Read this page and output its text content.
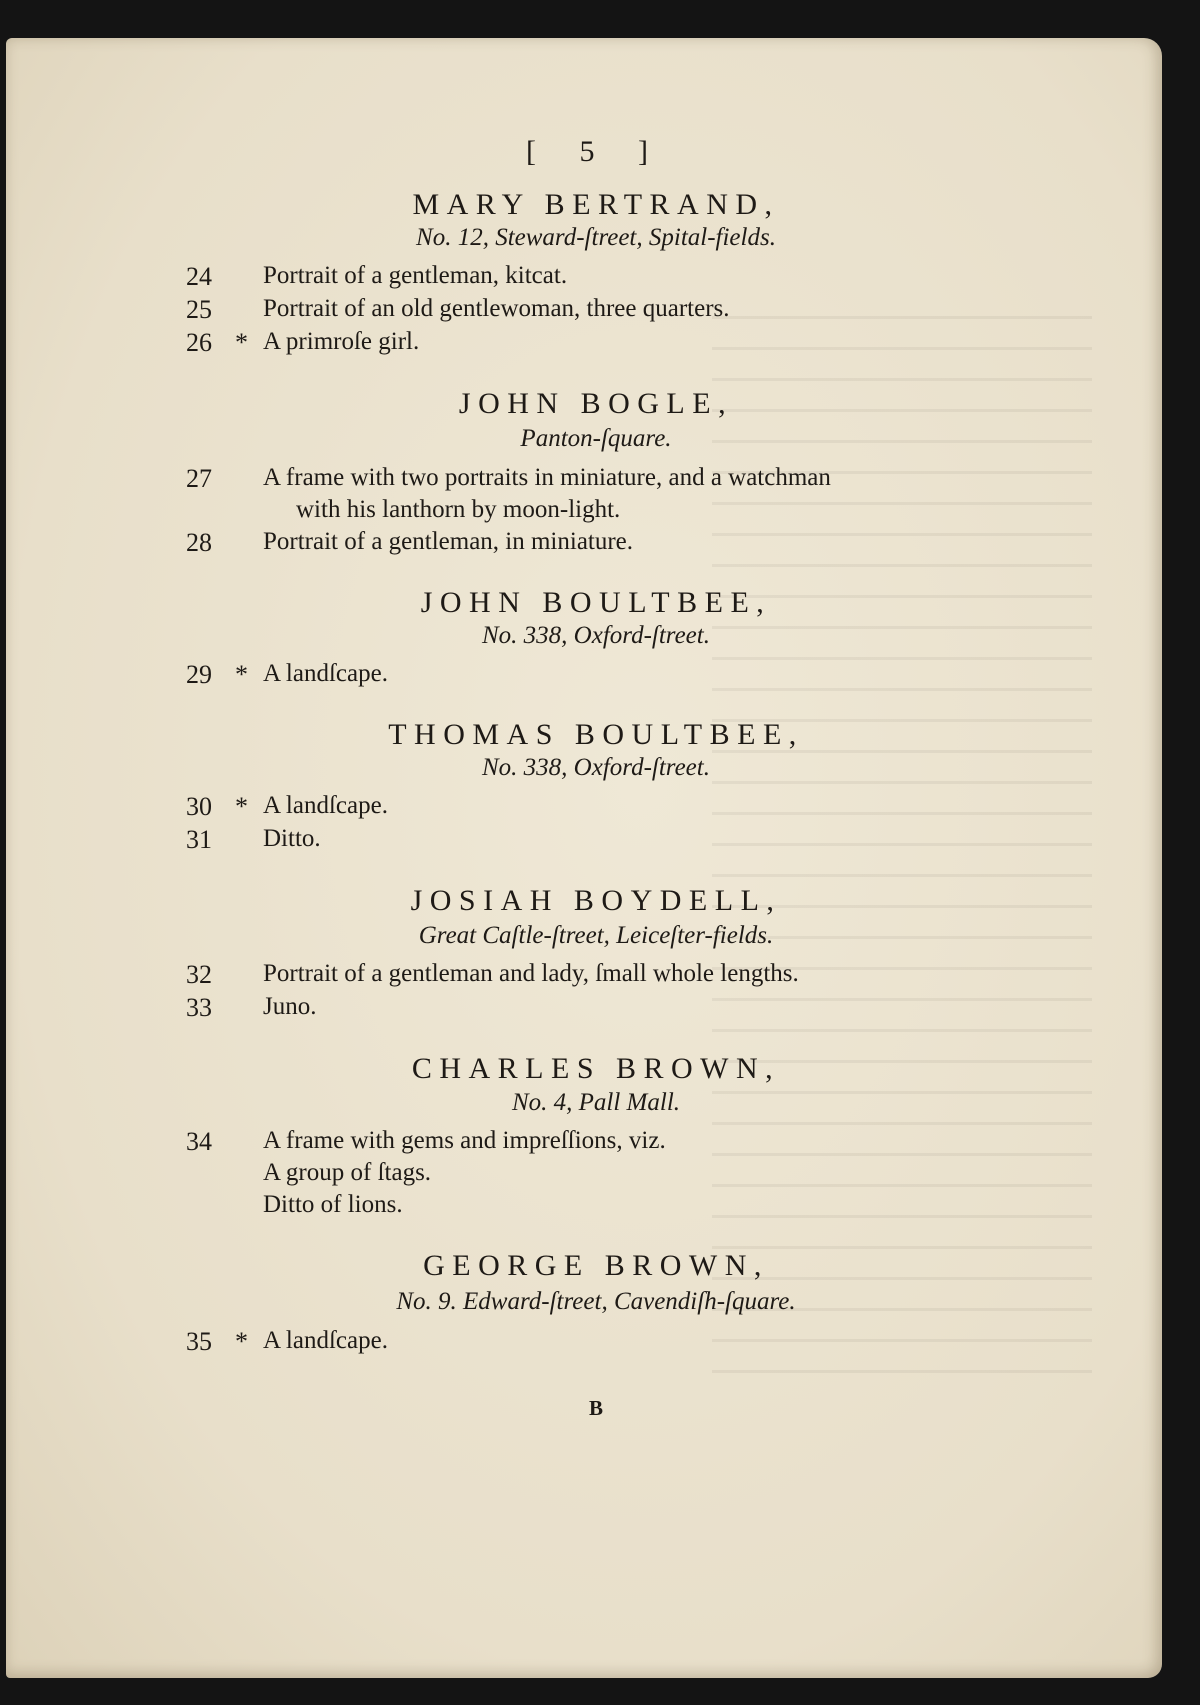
[ 5 ]
MARY BERTRAND,
No. 12, Steward-ſtreet, Spital-fields.
24 Portrait of a gentleman, kitcat.
25 Portrait of an old gentlewoman, three quarters.
26 * A primroſe girl.
JOHN BOGLE,
Panton-ſquare.
27 A frame with two portraits in miniature, and a watchman
with his lanthorn by moon-light.
28 Portrait of a gentleman, in miniature.
JOHN BOULTBEE,
No. 338, Oxford-ſtreet.
29 * A landſcape.
THOMAS BOULTBEE,
No. 338, Oxford-ſtreet.
30 * A landſcape.
31 Ditto.
JOSIAH BOYDELL,
Great Caſtle-ſtreet, Leiceſter-fields.
32 Portrait of a gentleman and lady, ſmall whole lengths.
33 Juno.
CHARLES BROWN,
No. 4, Pall Mall.
34 A frame with gems and impreſſions, viz.
A group of ſtags.
Ditto of lions.
GEORGE BROWN,
No. 9. Edward-ſtreet, Cavendiſh-ſquare.
35 * A landſcape.
B
